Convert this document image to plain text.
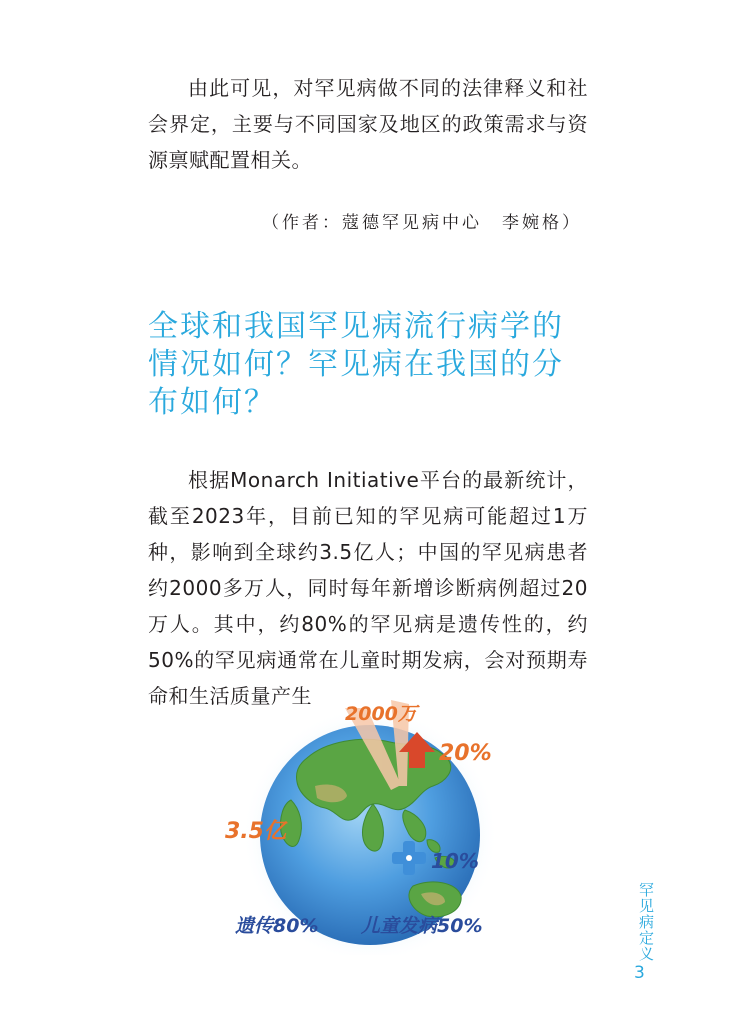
由此可见，对罕见病做不同的法律释义和社会界定，主要与不同国家及地区的政策需求与资源禀赋配置相关。

（作者：蔻德罕见病中心　李婉格）
全球和我国罕见病流行病学的情况如何？罕见病在我国的分布如何？

根据Monarch Initiative平台的最新统计，截至2023年，目前已知的罕见病可能超过1万种，影响到全球约3.5亿人；中国的罕见病患者约2000多万人，同时每年新增诊断病例超过20万人。其中，约80%的罕见病是遗传性的，约50%的罕见病通常在儿童时期发病，会对预期寿命和生活质量产生

2000万
20%
3.5亿
10%
遗传80% 儿童发病50%	罕见病定义
3
